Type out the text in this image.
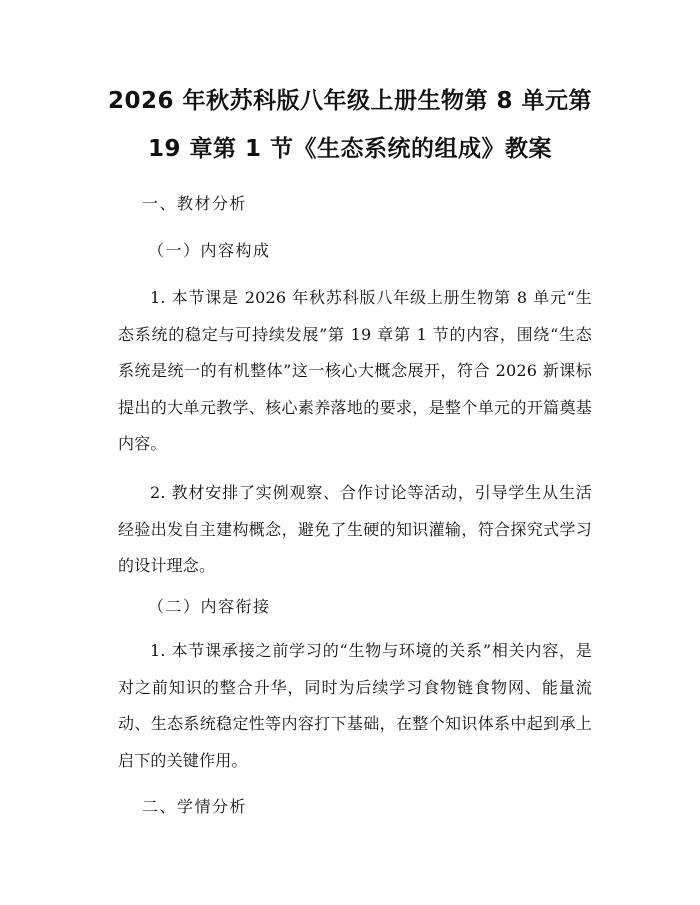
2026 年秋苏科版八年级上册生物第 8 单元第
19 章第 1 节《生态系统的组成》教案

一、教材分析

（一）内容构成

1. 本节课是 2026 年秋苏科版八年级上册生物第 8 单元“生态系统的稳定与可持续发展”第 19 章第 1 节的内容，围绕“生态系统是统一的有机整体”这一核心大概念展开，符合 2026 新课标提出的大单元教学、核心素养落地的要求，是整个单元的开篇奠基内容。

2. 教材安排了实例观察、合作讨论等活动，引导学生从生活经验出发自主建构概念，避免了生硬的知识灌输，符合探究式学习的设计理念。

（二）内容衔接

1. 本节课承接之前学习的“生物与环境的关系”相关内容，是对之前知识的整合升华，同时为后续学习食物链食物网、能量流动、生态系统稳定性等内容打下基础，在整个知识体系中起到承上启下的关键作用。

二、学情分析
